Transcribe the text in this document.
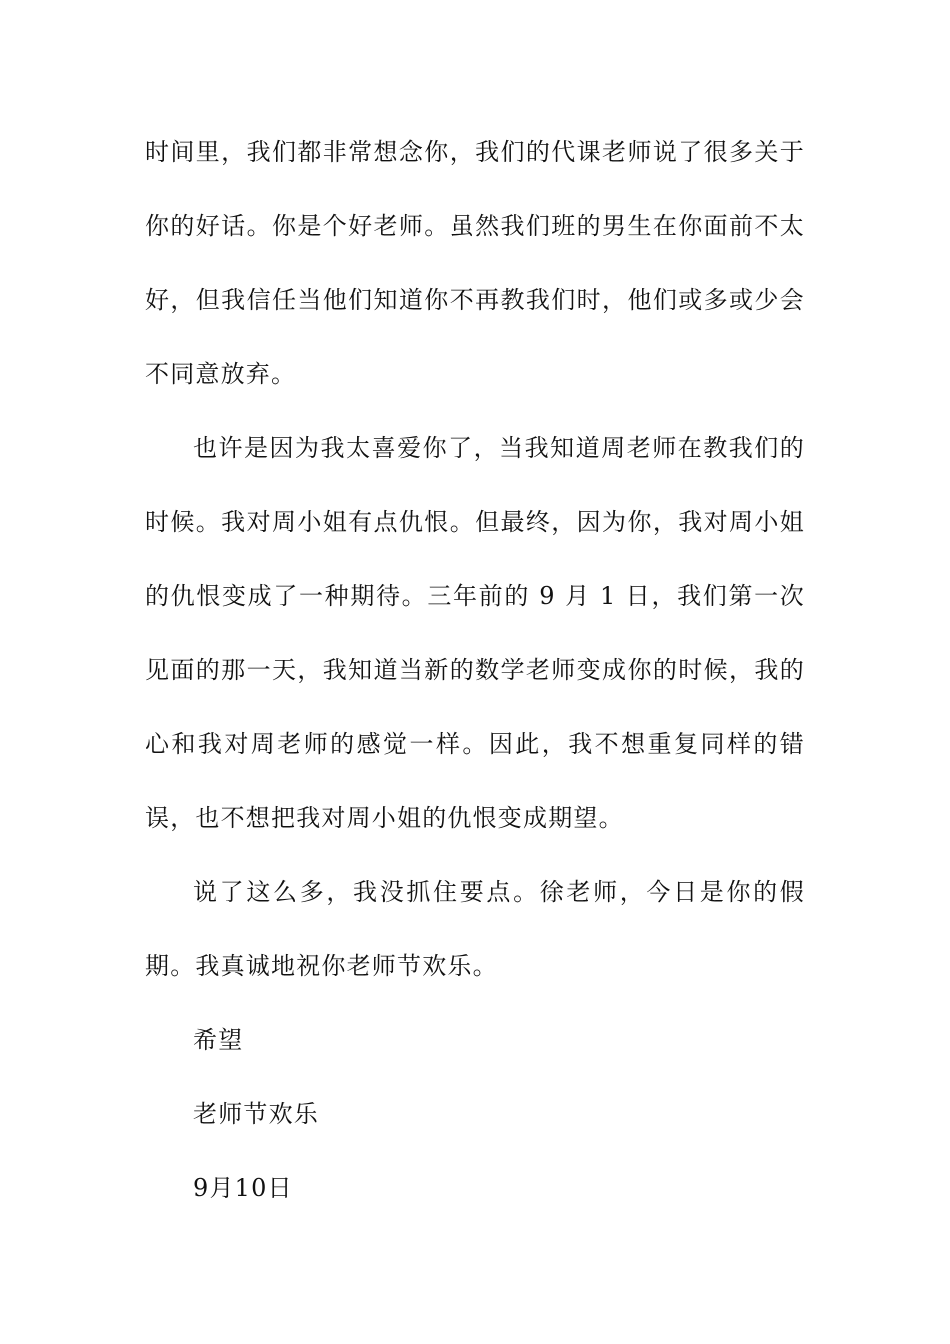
时间里，我们都非常想念你，我们的代课老师说了很多关于你的好话。你是个好老师。虽然我们班的男生在你面前不太好，但我信任当他们知道你不再教我们时，他们或多或少会不同意放弃。

也许是因为我太喜爱你了，当我知道周老师在教我们的时候。我对周小姐有点仇恨。但最终，因为你，我对周小姐的仇恨变成了一种期待。三年前的 9 月 1 日，我们第一次见面的那一天，我知道当新的数学老师变成你的时候，我的心和我对周老师的感觉一样。因此，我不想重复同样的错误，也不想把我对周小姐的仇恨变成期望。

说了这么多，我没抓住要点。徐老师，今日是你的假期。我真诚地祝你老师节欢乐。

希望

老师节欢乐

9月10日
